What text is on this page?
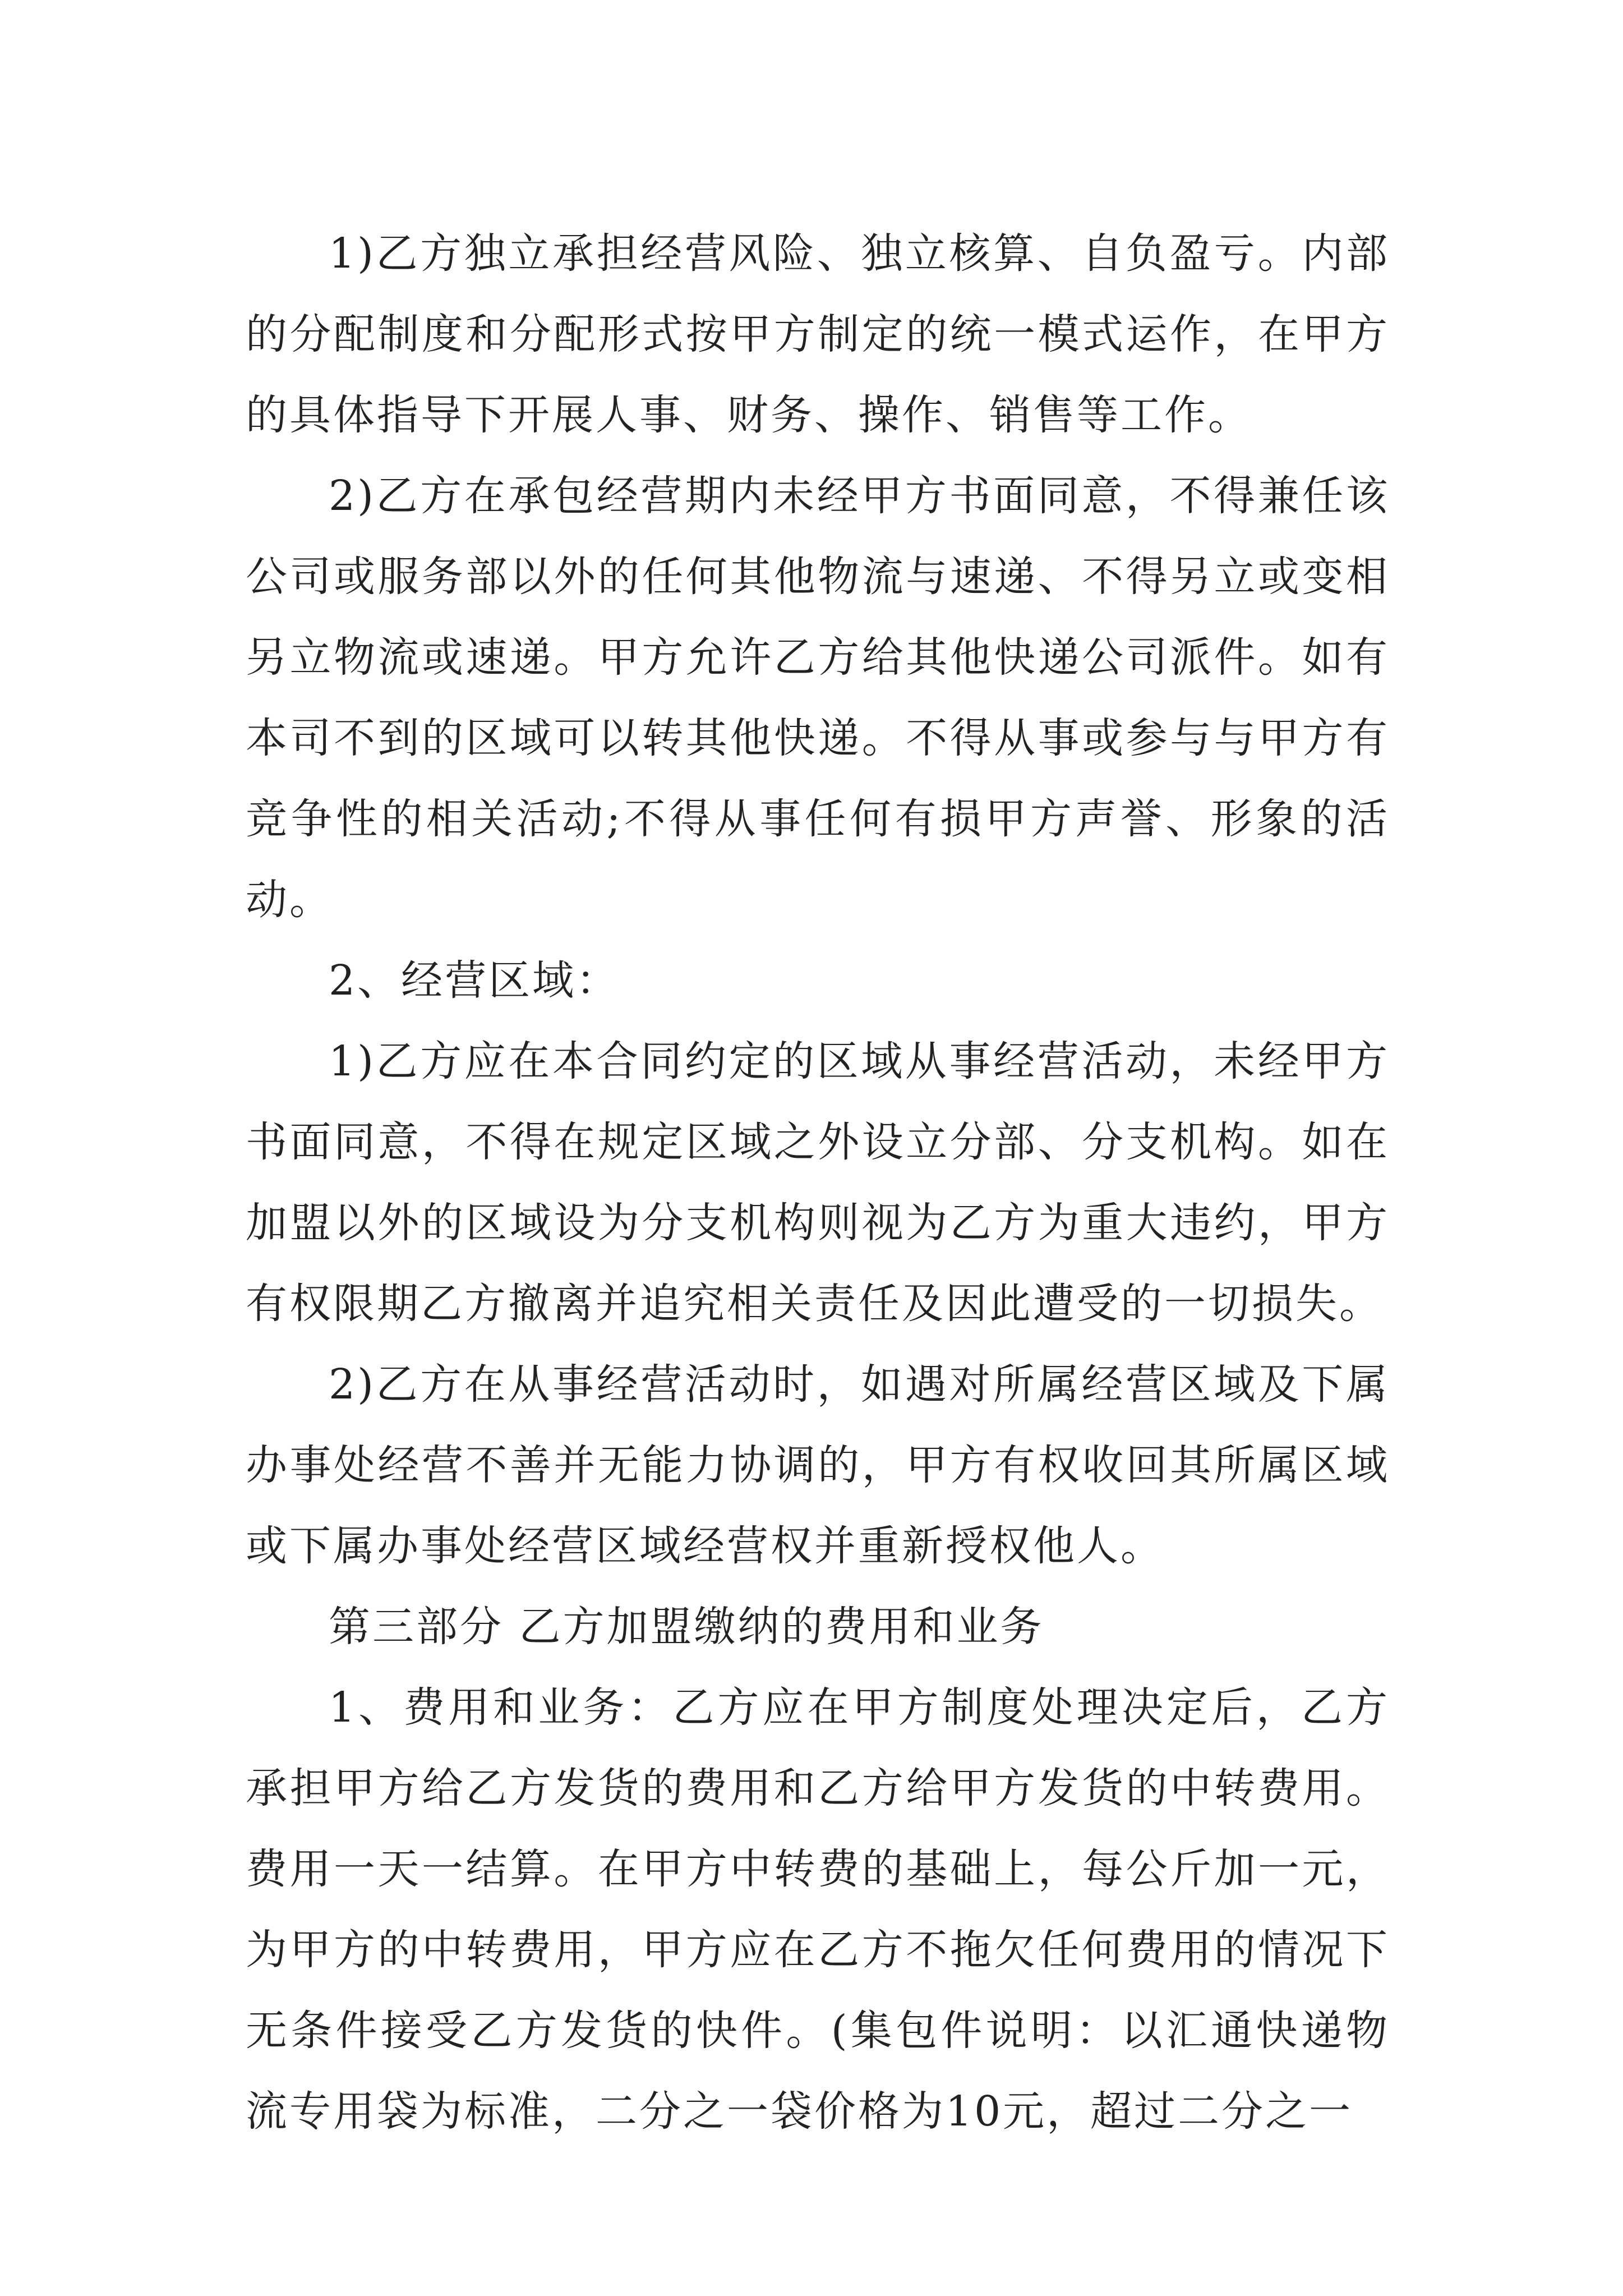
1)乙方独立承担经营风险、独立核算、自负盈亏。内部的分配制度和分配形式按甲方制定的统一模式运作，在甲方的具体指导下开展人事、财务、操作、销售等工作。

2)乙方在承包经营期内未经甲方书面同意，不得兼任该公司或服务部以外的任何其他物流与速递、不得另立或变相另立物流或速递。甲方允许乙方给其他快递公司派件。如有本司不到的区域可以转其他快递。不得从事或参与与甲方有竞争性的相关活动;不得从事任何有损甲方声誉、形象的活动。

2、经营区域：

1)乙方应在本合同约定的区域从事经营活动，未经甲方书面同意，不得在规定区域之外设立分部、分支机构。如在加盟以外的区域设为分支机构则视为乙方为重大违约，甲方有权限期乙方撤离并追究相关责任及因此遭受的一切损失。

2)乙方在从事经营活动时，如遇对所属经营区域及下属办事处经营不善并无能力协调的，甲方有权收回其所属区域或下属办事处经营区域经营权并重新授权他人。

第三部分 乙方加盟缴纳的费用和业务

1、费用和业务：乙方应在甲方制度处理决定后，乙方承担甲方给乙方发货的费用和乙方给甲方发货的中转费用。费用一天一结算。在甲方中转费的基础上，每公斤加一元，为甲方的中转费用，甲方应在乙方不拖欠任何费用的情况下无条件接受乙方发货的快件。(集包件说明：以汇通快递物流专用袋为标准，二分之一袋价格为10元，超过二分之一
